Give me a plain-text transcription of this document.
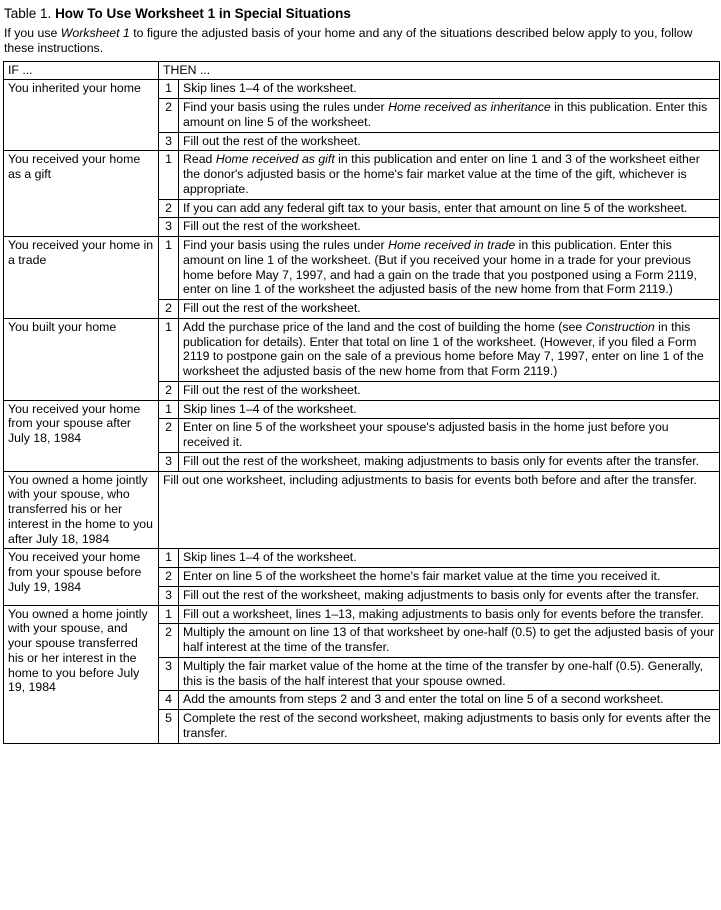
Table 1. How To Use Worksheet 1 in Special Situations
If you use Worksheet 1 to figure the adjusted basis of your home and any of the situations described below apply to you, follow these instructions.
IF ...	THEN ...	
You inherited your home	1	Skip lines 1–4 of the worksheet.
	2	Find your basis using the rules under Home received as inheritance in this publication. Enter this amount on line 5 of the worksheet.
	3	Fill out the rest of the worksheet.
You received your home as a gift	1	Read Home received as gift in this publication and enter on line 1 and 3 of the worksheet either the donor's adjusted basis or the home's fair market value at the time of the gift, whichever is appropriate.
	2	If you can add any federal gift tax to your basis, enter that amount on line 5 of the worksheet.
	3	Fill out the rest of the worksheet.
You received your home in a trade	1	Find your basis using the rules under Home received in trade in this publication. Enter this amount on line 1 of the worksheet. (But if you received your home in a trade for your previous home before May 7, 1997, and had a gain on the trade that you postponed using a Form 2119, enter on line 1 of the worksheet the adjusted basis of the new home from that Form 2119.)
	2	Fill out the rest of the worksheet.
You built your home	1	Add the purchase price of the land and the cost of building the home (see Construction in this publication for details). Enter that total on line 1 of the worksheet. (However, if you filed a Form 2119 to postpone gain on the sale of a previous home before May 7, 1997, enter on line 1 of the worksheet the adjusted basis of the new home from that Form 2119.)
	2	Fill out the rest of the worksheet.
You received your home from your spouse after July 18, 1984	1	Skip lines 1–4 of the worksheet.
	2	Enter on line 5 of the worksheet your spouse's adjusted basis in the home just before you received it.
	3	Fill out the rest of the worksheet, making adjustments to basis only for events after the transfer.
You owned a home jointly with your spouse, who transferred his or her interest in the home to you after July 18, 1984	Fill out one worksheet, including adjustments to basis for events both before and after the transfer.	
You received your home from your spouse before July 19, 1984	1	Skip lines 1–4 of the worksheet.
	2	Enter on line 5 of the worksheet the home's fair market value at the time you received it.
	3	Fill out the rest of the worksheet, making adjustments to basis only for events after the transfer.
You owned a home jointly with your spouse, and your spouse transferred his or her interest in the home to you before July 19, 1984	1	Fill out a worksheet, lines 1–13, making adjustments to basis only for events before the transfer.
	2	Multiply the amount on line 13 of that worksheet by one-half (0.5) to get the adjusted basis of your half interest at the time of the transfer.
	3	Multiply the fair market value of the home at the time of the transfer by one-half (0.5). Generally, this is the basis of the half interest that your spouse owned.
	4	Add the amounts from steps 2 and 3 and enter the total on line 5 of a second worksheet.
	5	Complete the rest of the second worksheet, making adjustments to basis only for events after the transfer.
